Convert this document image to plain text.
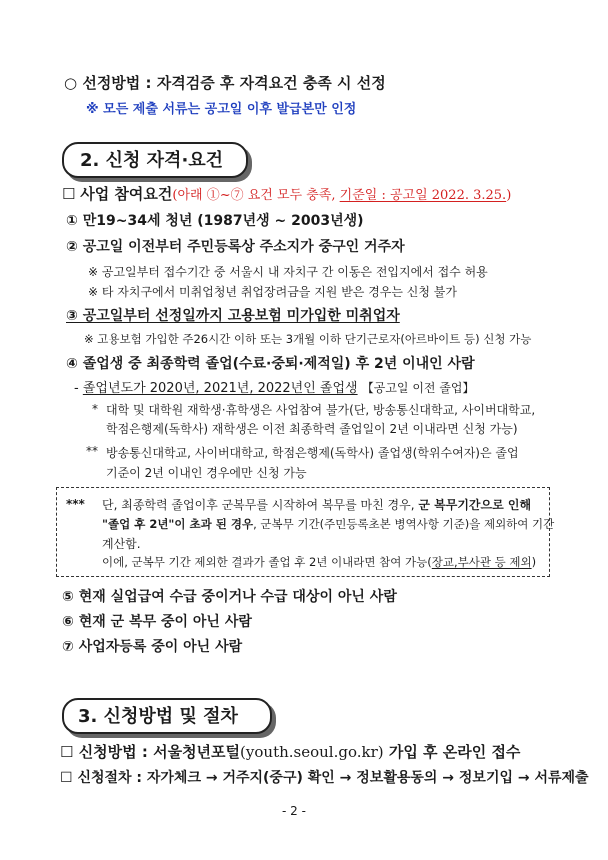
○ 선정방법 : 자격검증 후 자격요건 충족 시 선정
※ 모든 제출 서류는 공고일 이후 발급본만 인정
2. 신청 자격·요건
☐ 사업 참여요건(아래 ①~⑦ 요건 모두 충족, 기준일 : 공고일 2022. 3.25.)
① 만19~34세 청년 (1987년생 ~ 2003년생)
② 공고일 이전부터 주민등록상 주소지가 중구인 거주자
※ 공고일부터 접수기간 중 서울시 내 자치구 간 이동은 전입지에서 접수 허용
※ 타 자치구에서 미취업청년 취업장려금을 지원 받은 경우는 신청 불가
③ 공고일부터 선정일까지 고용보험 미가입한 미취업자
※ 고용보험 가입한 주26시간 이하 또는 3개월 이하 단기근로자(아르바이트 등) 신청 가능
④ 졸업생 중 최종학력 졸업(수료·중퇴·제적일) 후 2년 이내인 사람
- 졸업년도가 2020년, 2021년, 2022년인 졸업생 【공고일 이전 졸업】
* 대학 및 대학원 재학생·휴학생은 사업참여 불가(단, 방송통신대학교, 사이버대학교,
학점은행제(독학사) 재학생은 이전 최종학력 졸업일이 2년 이내라면 신청 가능)
** 방송통신대학교, 사이버대학교, 학점은행제(독학사) 졸업생(학위수여자)은 졸업
기준이 2년 이내인 경우에만 신청 가능
*** 단, 최종학력 졸업이후 군복무를 시작하여 복무를 마친 경우, 군 복무기간으로 인해
"졸업 후 2년"이 초과 된 경우, 군복무 기간(주민등록초본 병역사항 기준)을 제외하여 기간
계산함.
이에, 군복무 기간 제외한 결과가 졸업 후 2년 이내라면 참여 가능(장교,부사관 등 제외)
⑤ 현재 실업급여 수급 중이거나 수급 대상이 아닌 사람
⑥ 현재 군 복무 중이 아닌 사람
⑦ 사업자등록 중이 아닌 사람
3. 신청방법 및 절차
☐ 신청방법 : 서울청년포털(youth.seoul.go.kr) 가입 후 온라인 접수
☐ 신청절차 : 자가체크 → 거주지(중구) 확인 → 정보활용동의 → 정보기입 → 서류제출
- 2 -
